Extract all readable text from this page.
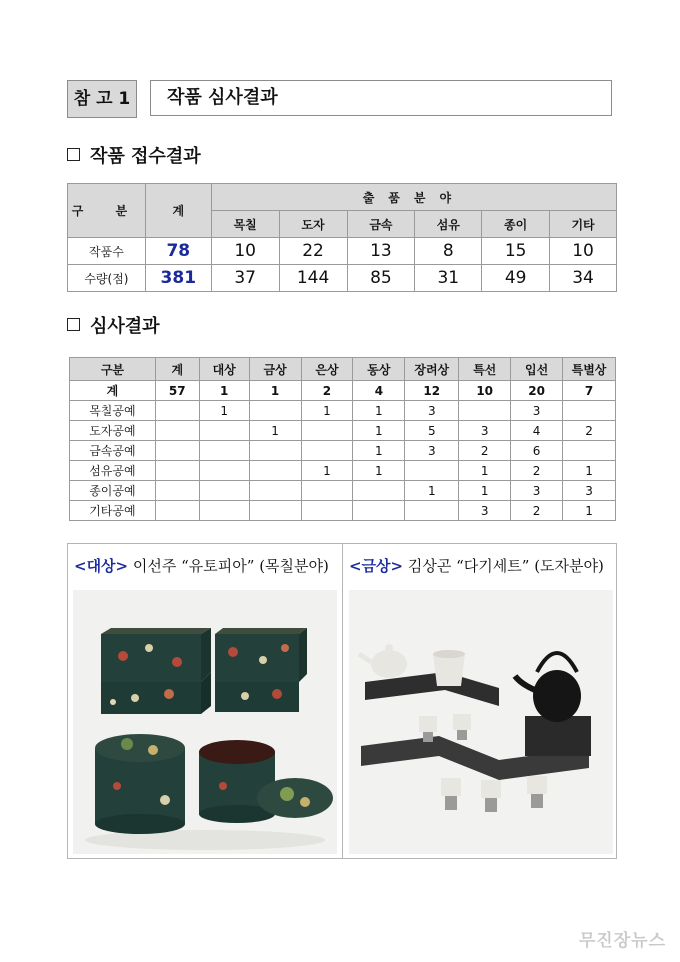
참 고 1	작품 심사결과
작품 접수결과
구 분	계	출품분야					
		목칠	도자	금속	섬유	종이	기타
작품수	78	10	22	13	8	15	10
수량(점)	381	37	144	85	31	49	34
심사결과
구분	계	대상	금상	은상	동상	장려상	특선	입선	특별상
계	57	1	1	2	4	12	10	20	7
목칠공예		1		1	1	3		3	
도자공예			1		1	5	3	4	2
금속공예					1	3	2	6	
섬유공예				1	1		1	2	1
종이공예						1	1	3	3
기타공예							3	2	1
<대상> 이선주 “유토피아” (목칠분야) <금상> 김상곤 “다기세트” (도자분야)
무진장뉴스
